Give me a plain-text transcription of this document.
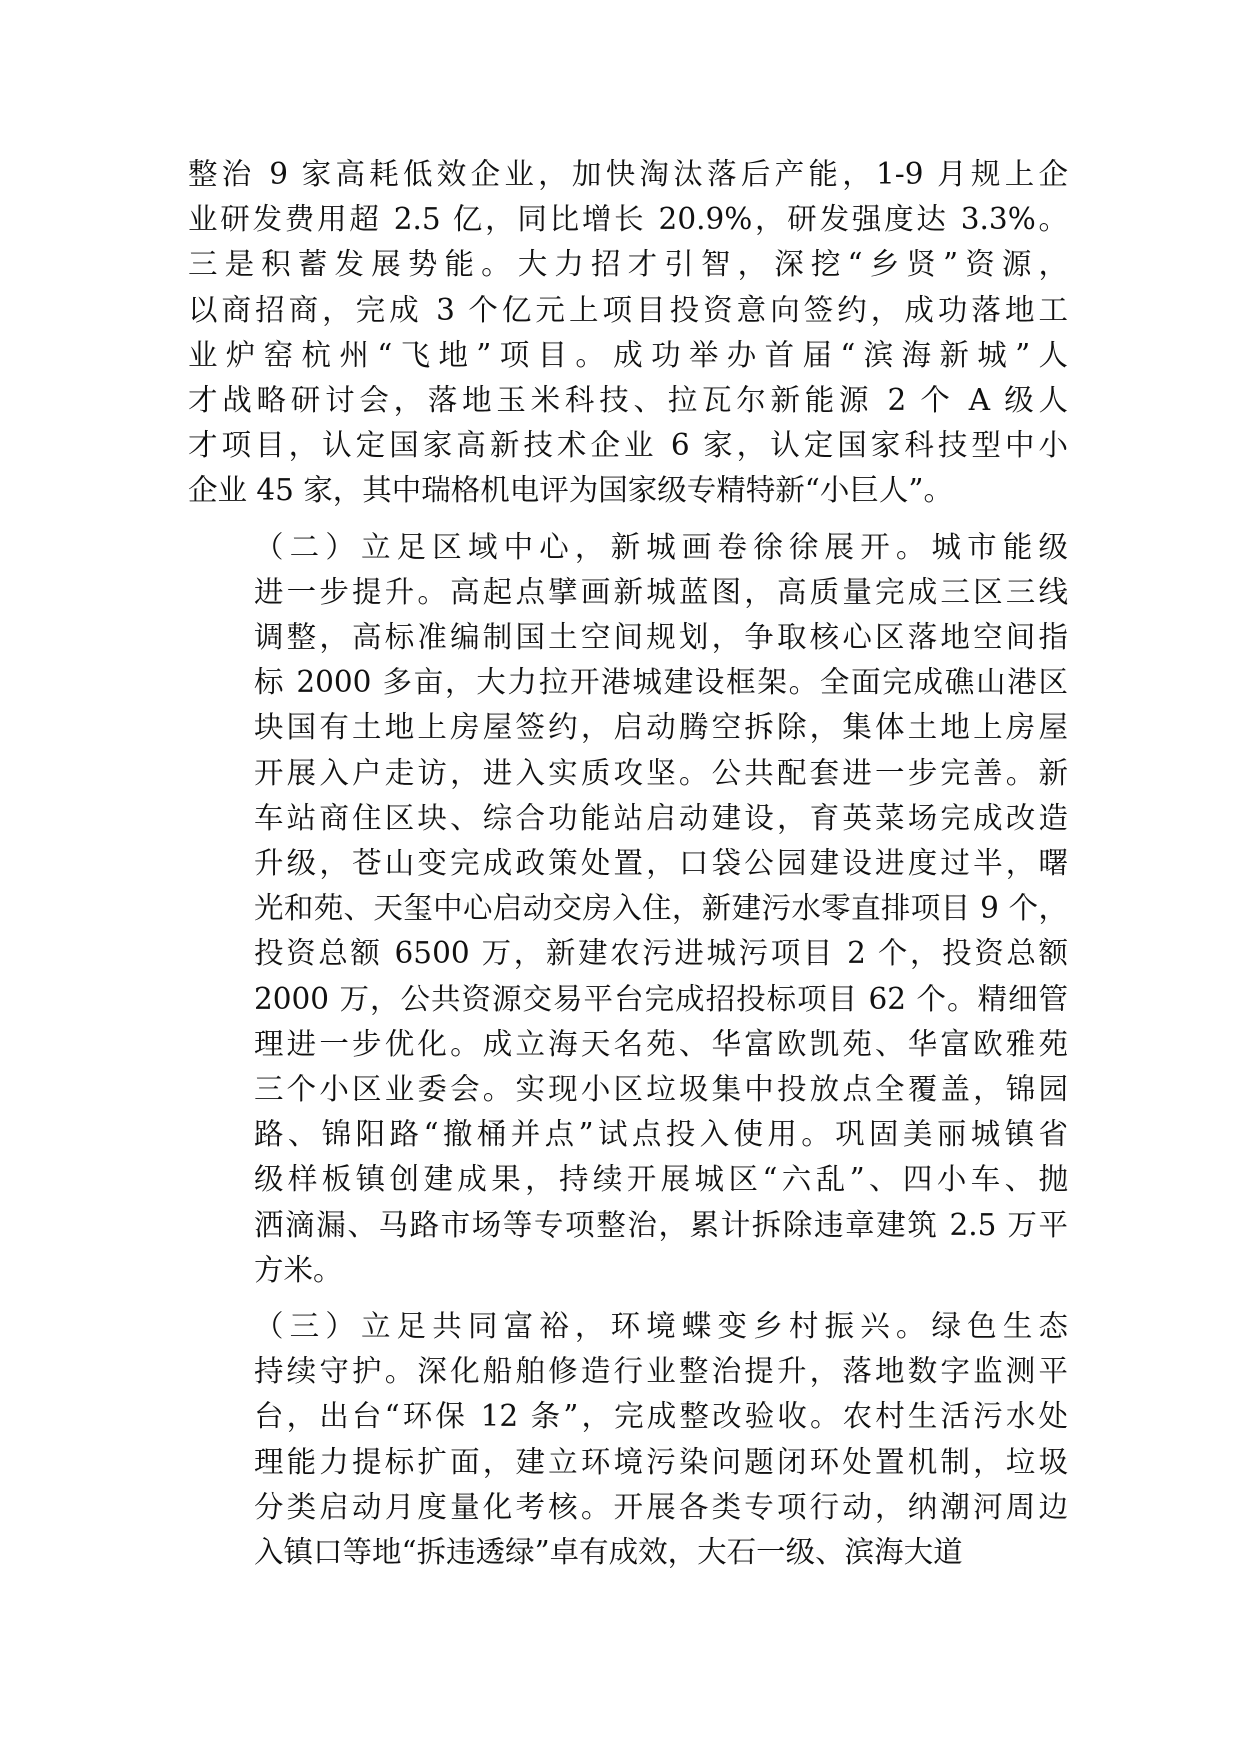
整治 9 家高耗低效企业，加快淘汰落后产能，1-9 月规上企
业研发费用超 2.5 亿，同比增长 20.9%，研发强度达 3.3%。
三是积蓄发展势能。大力招才引智，深挖“乡贤”资源，
以商招商，完成 3 个亿元上项目投资意向签约，成功落地工
业炉窑杭州“飞地”项目。成功举办首届“滨海新城”人
才战略研讨会，落地玉米科技、拉瓦尔新能源 2 个 A 级人
才项目，认定国家高新技术企业 6 家，认定国家科技型中小
企业 45 家，其中瑞格机电评为国家级专精特新“小巨人”。
（二）立足区域中心，新城画卷徐徐展开。城市能级
进一步提升。高起点擘画新城蓝图，高质量完成三区三线
调整，高标准编制国土空间规划，争取核心区落地空间指
标 2000 多亩，大力拉开港城建设框架。全面完成礁山港区
块国有土地上房屋签约，启动腾空拆除，集体土地上房屋
开展入户走访，进入实质攻坚。公共配套进一步完善。新
车站商住区块、综合功能站启动建设，育英菜场完成改造
升级，苍山变完成政策处置，口袋公园建设进度过半，曙
光和苑、天玺中心启动交房入住，新建污水零直排项目 9 个，
投资总额 6500 万，新建农污进城污项目 2 个，投资总额
2000 万，公共资源交易平台完成招投标项目 62 个。精细管
理进一步优化。成立海天名苑、华富欧凯苑、华富欧雅苑
三个小区业委会。实现小区垃圾集中投放点全覆盖，锦园
路、锦阳路“撤桶并点”试点投入使用。巩固美丽城镇省
级样板镇创建成果，持续开展城区“六乱”、四小车、抛
洒滴漏、马路市场等专项整治，累计拆除违章建筑 2.5 万平
方米。
（三）立足共同富裕，环境蝶变乡村振兴。绿色生态
持续守护。深化船舶修造行业整治提升，落地数字监测平
台，出台“环保 12 条”，完成整改验收。农村生活污水处
理能力提标扩面，建立环境污染问题闭环处置机制，垃圾
分类启动月度量化考核。开展各类专项行动，纳潮河周边
入镇口等地“拆违透绿”卓有成效，大石一级、滨海大道
